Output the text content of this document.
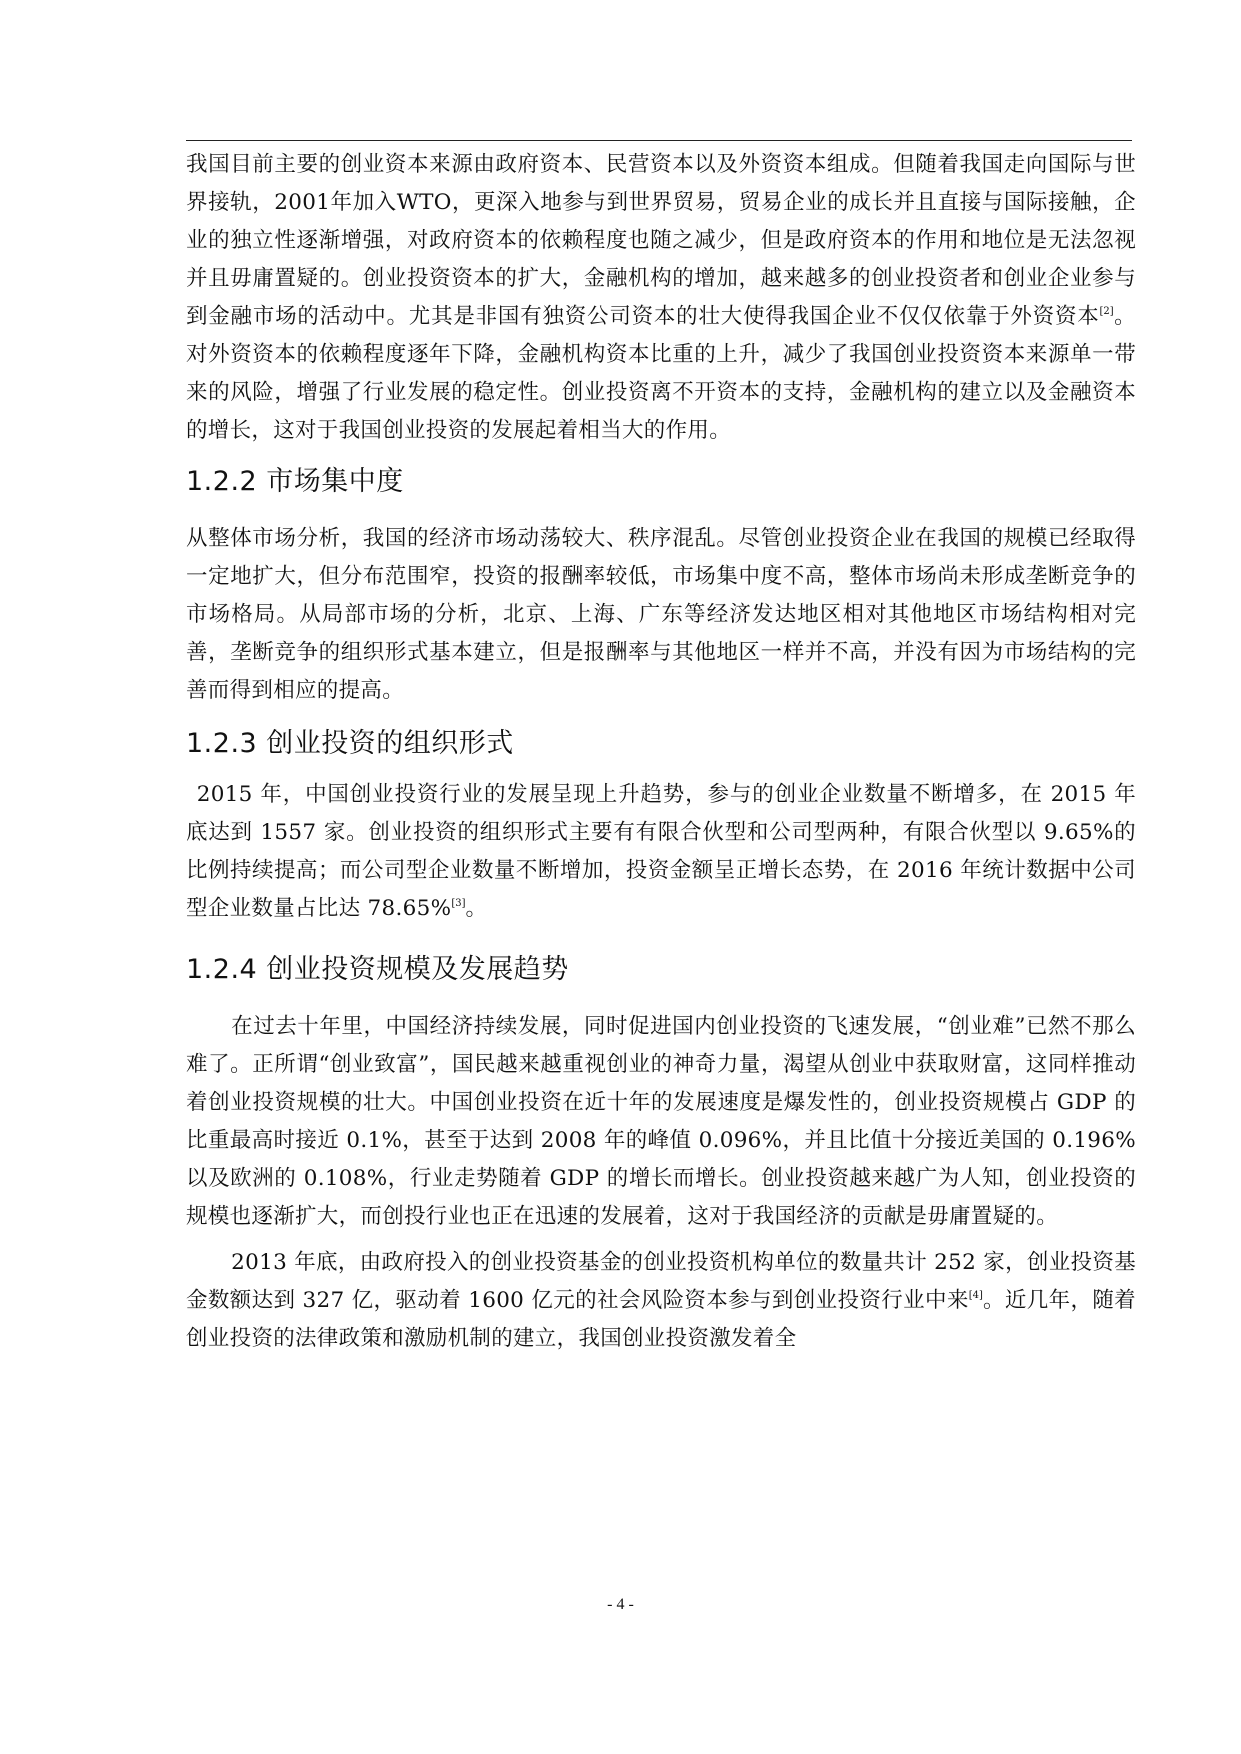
我国目前主要的创业资本来源由政府资本、民营资本以及外资资本组成。但随着我国走向国际与世界接轨，2001年加入WTO，更深入地参与到世界贸易，贸易企业的成长并且直接与国际接触，企业的独立性逐渐增强，对政府资本的依赖程度也随之减少，但是政府资本的作用和地位是无法忽视并且毋庸置疑的。创业投资资本的扩大，金融机构的增加，越来越多的创业投资者和创业企业参与到金融市场的活动中。尤其是非国有独资公司资本的壮大使得我国企业不仅仅依靠于外资资本[2]。对外资资本的依赖程度逐年下降，金融机构资本比重的上升，减少了我国创业投资资本来源单一带来的风险，增强了行业发展的稳定性。创业投资离不开资本的支持，金融机构的建立以及金融资本的增长，这对于我国创业投资的发展起着相当大的作用。

1.2.2 市场集中度

从整体市场分析，我国的经济市场动荡较大、秩序混乱。尽管创业投资企业在我国的规模已经取得一定地扩大，但分布范围窄，投资的报酬率较低，市场集中度不高，整体市场尚未形成垄断竞争的市场格局。从局部市场的分析，北京、上海、广东等经济发达地区相对其他地区市场结构相对完善，垄断竞争的组织形式基本建立，但是报酬率与其他地区一样并不高，并没有因为市场结构的完善而得到相应的提高。

1.2.3 创业投资的组织形式

2015 年，中国创业投资行业的发展呈现上升趋势，参与的创业企业数量不断增多，在 2015 年底达到 1557 家。创业投资的组织形式主要有有限合伙型和公司型两种，有限合伙型以 9.65%的比例持续提高；而公司型企业数量不断增加，投资金额呈正增长态势，在 2016 年统计数据中公司型企业数量占比达 78.65%[3]。

1.2.4 创业投资规模及发展趋势

在过去十年里，中国经济持续发展，同时促进国内创业投资的飞速发展，“创业难”已然不那么难了。正所谓“创业致富”，国民越来越重视创业的神奇力量，渴望从创业中获取财富，这同样推动着创业投资规模的壮大。中国创业投资在近十年的发展速度是爆发性的，创业投资规模占 GDP 的比重最高时接近 0.1%，甚至于达到 2008 年的峰值 0.096%，并且比值十分接近美国的 0.196%以及欧洲的 0.108%，行业走势随着 GDP 的增长而增长。创业投资越来越广为人知，创业投资的规模也逐渐扩大，而创投行业也正在迅速的发展着，这对于我国经济的贡献是毋庸置疑的。

2013 年底，由政府投入的创业投资基金的创业投资机构单位的数量共计 252 家，创业投资基金数额达到 327 亿，驱动着 1600 亿元的社会风险资本参与到创业投资行业中来[4]。近几年，随着创业投资的法律政策和激励机制的建立，我国创业投资激发着全

- 4 -
